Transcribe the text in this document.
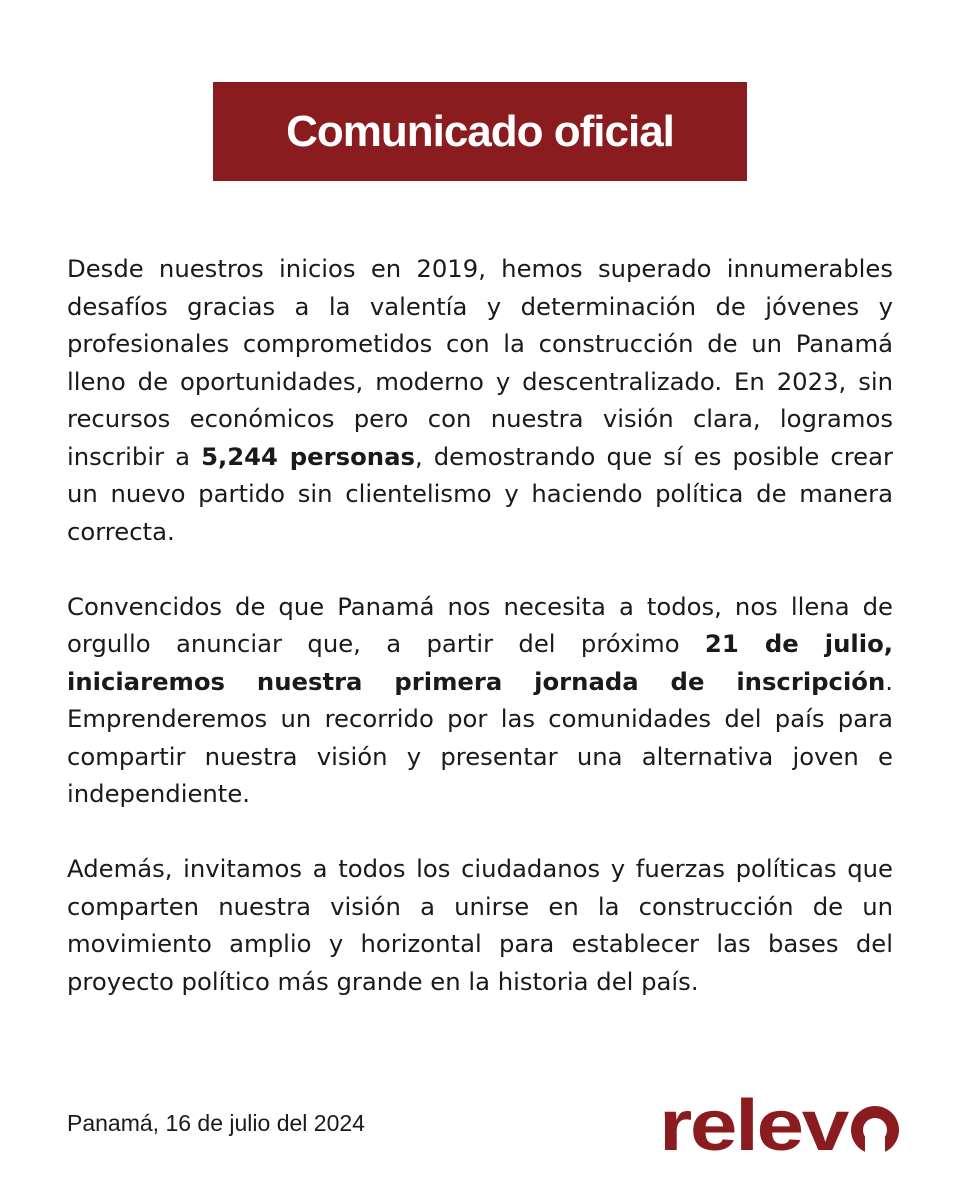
Comunicado oficial

Desde nuestros inicios en 2019, hemos superado innumerables desafíos gracias a la valentía y determinación de jóvenes y profesionales comprometidos con la construcción de un Panamá lleno de oportunidades, moderno y descentralizado. En 2023, sin recursos económicos pero con nuestra visión clara, logramos inscribir a 5,244 personas, demostrando que sí es posible crear un nuevo partido sin clientelismo y haciendo política de manera correcta.

Convencidos de que Panamá nos necesita a todos, nos llena de orgullo anunciar que, a partir del próximo 21 de julio, iniciaremos nuestra primera jornada de inscripción. Emprenderemos un recorrido por las comunidades del país para compartir nuestra visión y presentar una alternativa joven e independiente.

Además, invitamos a todos los ciudadanos y fuerzas políticas que comparten nuestra visión a unirse en la construcción de un movimiento amplio y horizontal para establecer las bases del proyecto político más grande en la historia del país.

Panamá, 16 de julio del 2024	relev
